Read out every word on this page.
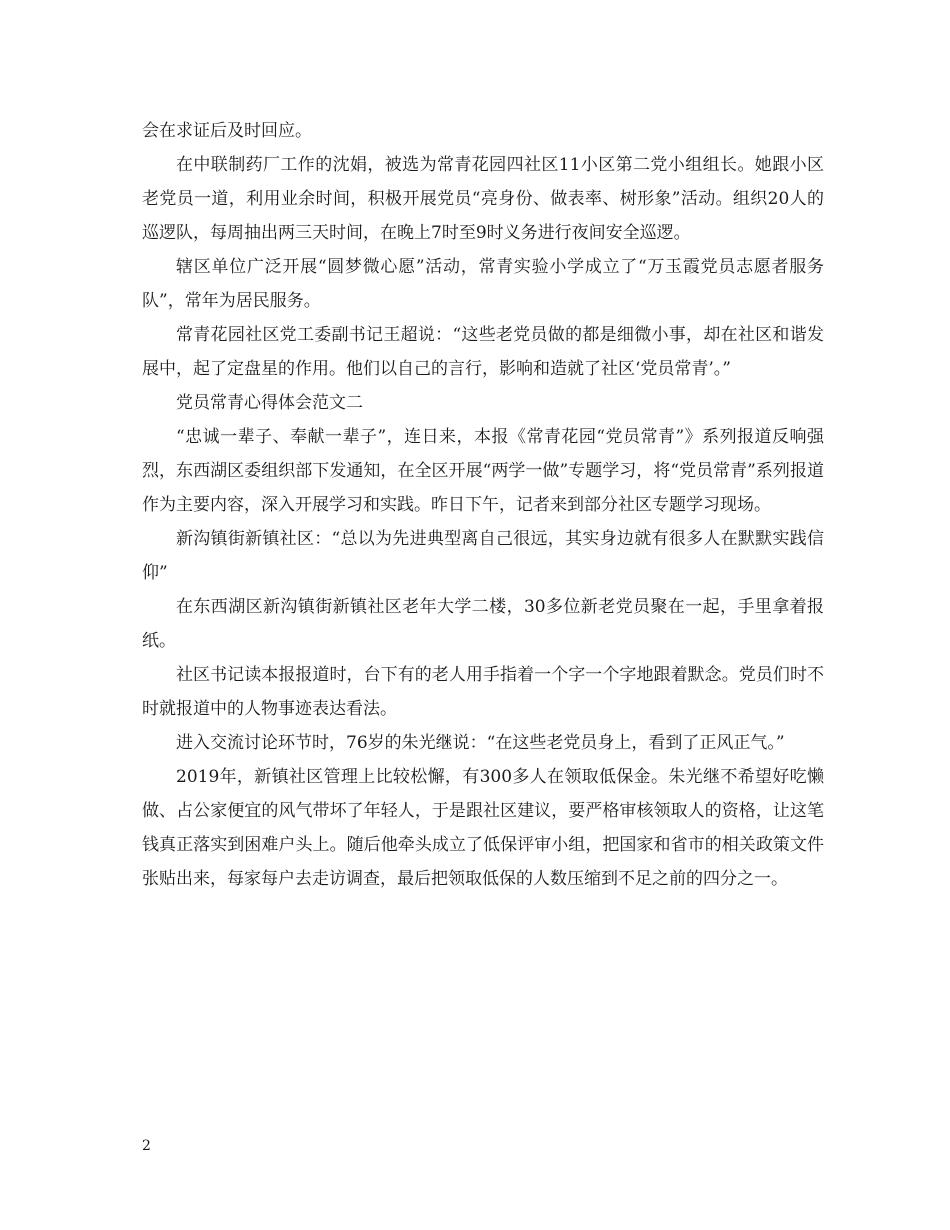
会在求证后及时回应。

在中联制药厂工作的沈娟，被选为常青花园四社区11小区第二党小组组长。她跟小区老党员一道，利用业余时间，积极开展党员“亮身份、做表率、树形象”活动。组织20人的巡逻队，每周抽出两三天时间，在晚上7时至9时义务进行夜间安全巡逻。

辖区单位广泛开展“圆梦微心愿”活动，常青实验小学成立了“万玉霞党员志愿者服务队”，常年为居民服务。

常青花园社区党工委副书记王超说：“这些老党员做的都是细微小事，却在社区和谐发展中，起了定盘星的作用。他们以自己的言行，影响和造就了社区‘党员常青’。”

党员常青心得体会范文二

“忠诚一辈子、奉献一辈子”，连日来，本报《常青花园“党员常青”》系列报道反响强烈，东西湖区委组织部下发通知，在全区开展“两学一做”专题学习，将“党员常青”系列报道作为主要内容，深入开展学习和实践。昨日下午，记者来到部分社区专题学习现场。

新沟镇街新镇社区：“总以为先进典型离自己很远，其实身边就有很多人在默默实践信仰”

在东西湖区新沟镇街新镇社区老年大学二楼，30多位新老党员聚在一起，手里拿着报纸。

社区书记读本报报道时，台下有的老人用手指着一个字一个字地跟着默念。党员们时不时就报道中的人物事迹表达看法。

进入交流讨论环节时，76岁的朱光继说：“在这些老党员身上，看到了正风正气。”

2019年，新镇社区管理上比较松懈，有300多人在领取低保金。朱光继不希望好吃懒做、占公家便宜的风气带坏了年轻人，于是跟社区建议，要严格审核领取人的资格，让这笔钱真正落实到困难户头上。随后他牵头成立了低保评审小组，把国家和省市的相关政策文件张贴出来，每家每户去走访调查，最后把领取低保的人数压缩到不足之前的四分之一。

2
